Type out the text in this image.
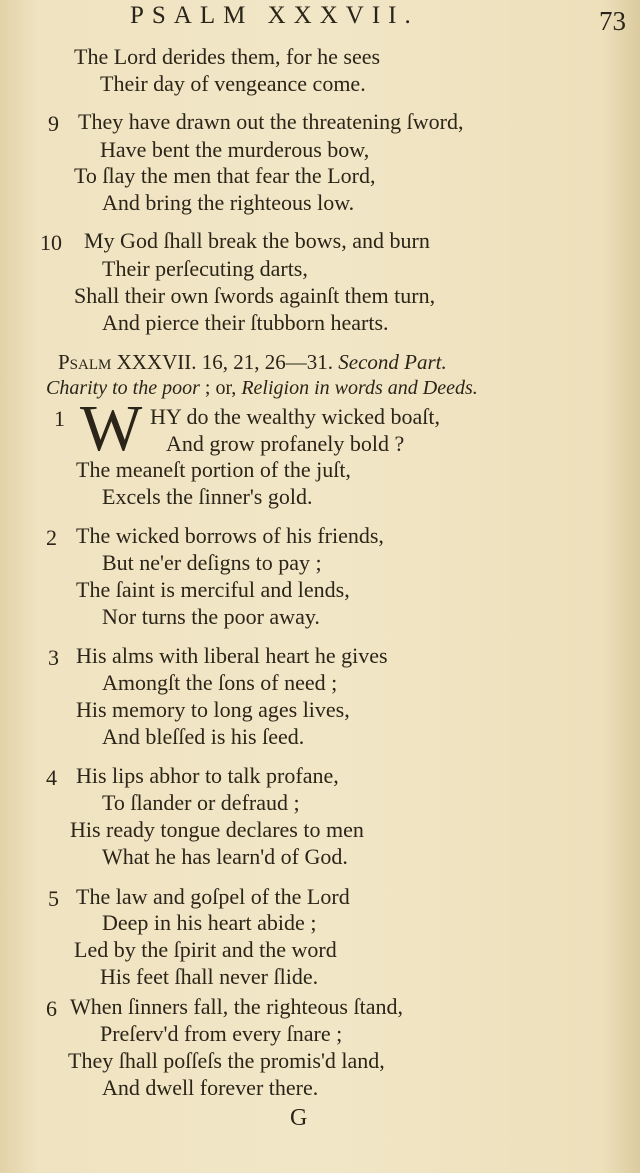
PSALM XXXVII.	73
The Lord derides them, for he sees
Their day of vengeance come.
9 They have drawn out the threatening ſword,
Have bent the murderous bow,
To ſlay the men that fear the Lord,
And bring the righteous low.
10 My God ſhall break the bows, and burn
Their perſecuting darts,
Shall their own ſwords againſt them turn,
And pierce their ſtubborn hearts.
Psalm XXXVII. 16, 21, 26—31. Second Part.
Charity to the poor ; or, Religion in words and Deeds.
1 W HY do the wealthy wicked boaſt,
And grow profanely bold ?
The meaneſt portion of the juſt,
Excels the ſinner's gold.
2 The wicked borrows of his friends,
But ne'er deſigns to pay ;
The ſaint is merciful and lends,
Nor turns the poor away.
3 His alms with liberal heart he gives
Amongſt the ſons of need ;
His memory to long ages lives,
And bleſſed is his ſeed.
4 His lips abhor to talk profane,
To ſlander or defraud ;
His ready tongue declares to men
What he has learn'd of God.
5 The law and goſpel of the Lord
Deep in his heart abide ;
Led by the ſpirit and the word
His feet ſhall never ſlide.
6 When ſinners fall, the righteous ſtand,
Preſerv'd from every ſnare ;
They ſhall poſſeſs the promis'd land,
And dwell forever there.
G
